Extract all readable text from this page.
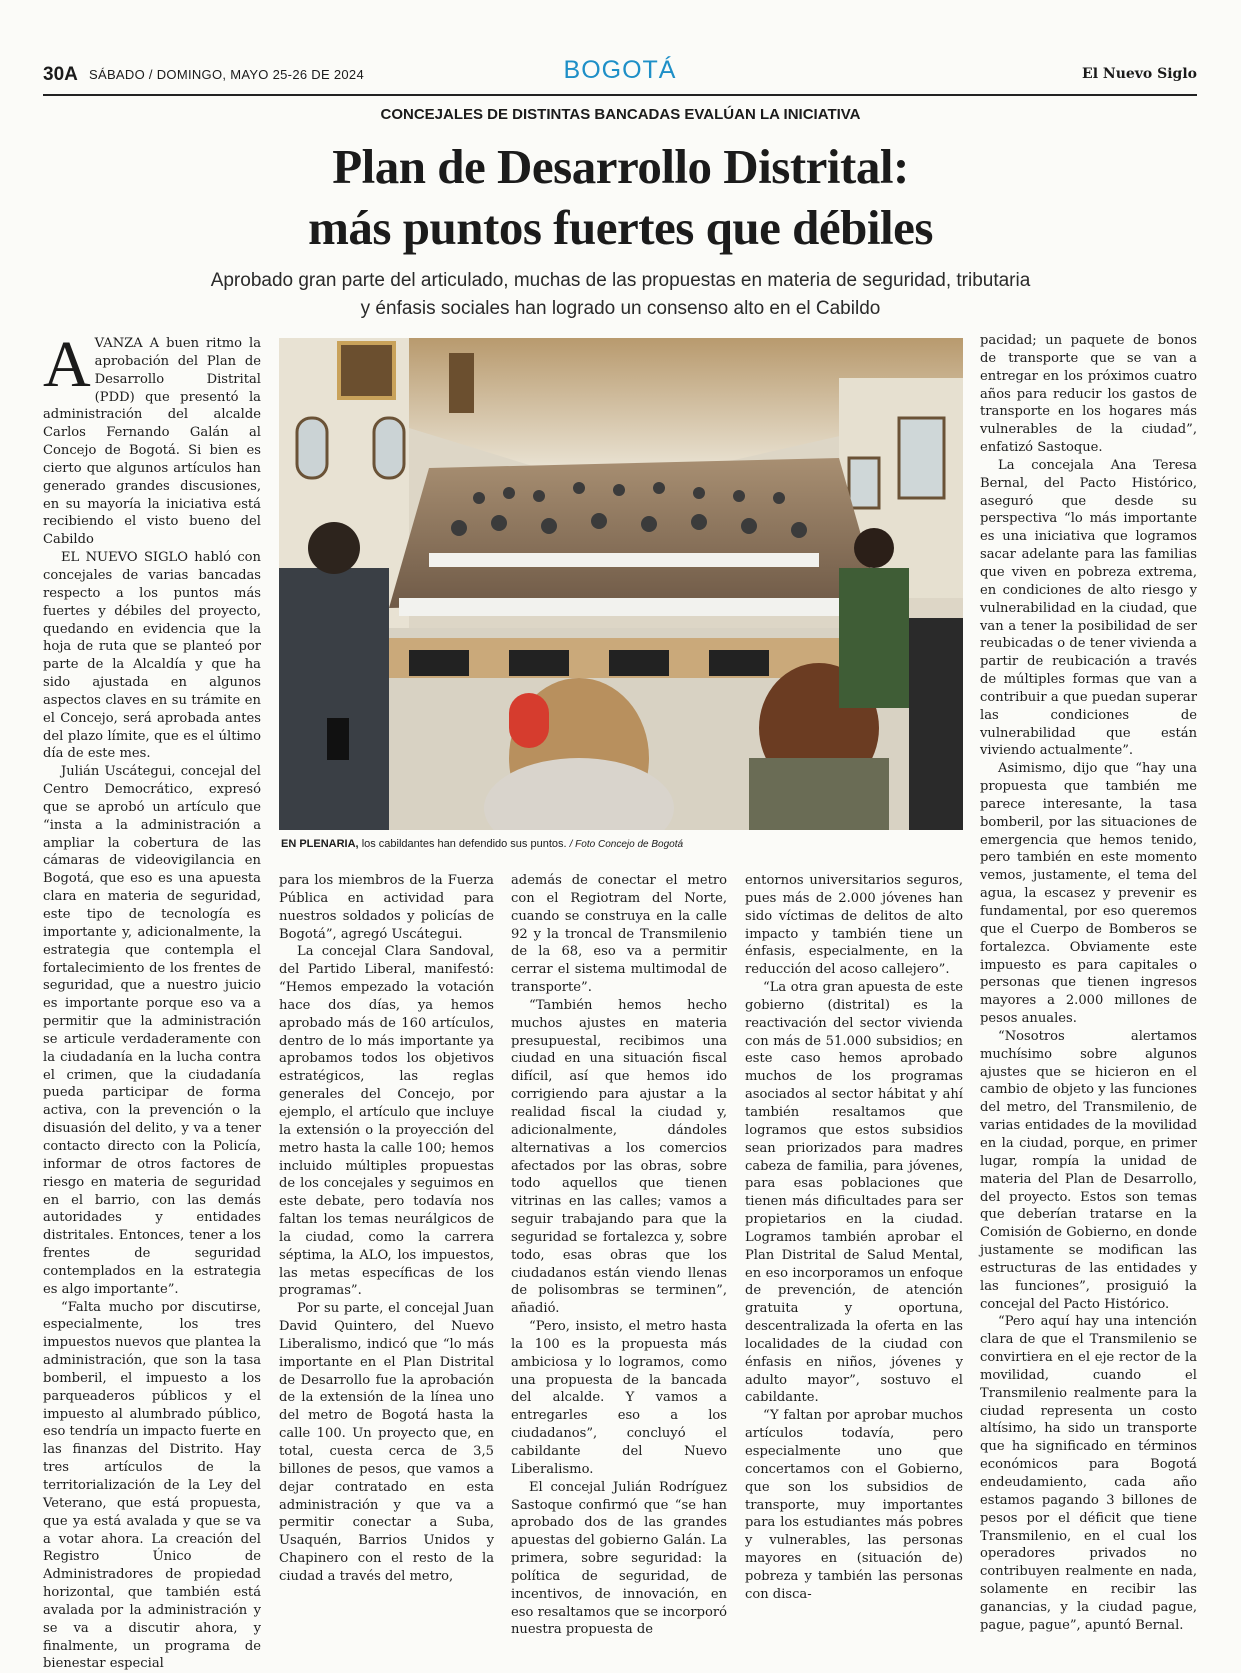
30A SÁBADO / DOMINGO, MAYO 25-26 DE 2024	BOGOTÁ	El Nuevo Siglo
CONCEJALES DE DISTINTAS BANCADAS EVALÚAN LA INICIATIVA
Plan de Desarrollo Distrital:
más puntos fuertes que débiles
Aprobado gran parte del articulado, muchas de las propuestas en materia de seguridad, tributaria
y énfasis sociales han logrado un consenso alto en el Cabildo

AVANZA A buen ritmo la aprobación del Plan de Desarrollo Distrital (PDD) que presentó la administración del alcalde Carlos Fernando Galán al Concejo de Bogotá. Si bien es cierto que algunos artículos han generado grandes discusiones, en su mayoría la iniciativa está recibiendo el visto bueno del Cabildo

EL NUEVO SIGLO habló con concejales de varias bancadas respecto a los puntos más fuertes y débiles del proyecto, quedando en evidencia que la hoja de ruta que se planteó por parte de la Alcaldía y que ha sido ajustada en algunos aspectos claves en su trámite en el Concejo, será aprobada antes del plazo límite, que es el último día de este mes.

Julián Uscátegui, concejal del Centro Democrático, expresó que se aprobó un artículo que “insta a la administración a ampliar la cobertura de las cámaras de videovigilancia en Bogotá, que eso es una apuesta clara en materia de seguridad, este tipo de tecnología es importante y, adicionalmente, la estrategia que contempla el fortalecimiento de los frentes de seguridad, que a nuestro juicio es importante porque eso va a permitir que la administración se articule verdaderamente con la ciudadanía en la lucha contra el crimen, que la ciudadanía pueda participar de forma activa, con la prevención o la disuasión del delito, y va a tener contacto directo con la Policía, informar de otros factores de riesgo en materia de seguridad en el barrio, con las demás autoridades y entidades distritales. Entonces, tener a los frentes de seguridad contemplados en la estrategia es algo importante”.

“Falta mucho por discutirse, especialmente, los tres impuestos nuevos que plantea la administración, que son la tasa bomberil, el impuesto a los parqueaderos públicos y el impuesto al alumbrado público, eso tendría un impacto fuerte en las finanzas del Distrito. Hay tres artículos de la territorialización de la Ley del Veterano, que está propuesta, que ya está avalada y que se va a votar ahora. La creación del Registro Único de Administradores de propiedad horizontal, que también está avalada por la administración y se va a discutir ahora, y finalmente, un programa de bienestar especial

EN PLENARIA, los cabildantes han defendido sus puntos. / Foto Concejo de Bogotá

para los miembros de la Fuerza Pública en actividad para nuestros soldados y policías de Bogotá”, agregó Uscátegui.

La concejal Clara Sandoval, del Partido Liberal, manifestó: “Hemos empezado la votación hace dos días, ya hemos aprobado más de 160 artículos, dentro de lo más importante ya aprobamos todos los objetivos estratégicos, las reglas generales del Concejo, por ejemplo, el artículo que incluye la extensión o la proyección del metro hasta la calle 100; hemos incluido múltiples propuestas de los concejales y seguimos en este debate, pero todavía nos faltan los temas neurálgicos de la ciudad, como la carrera séptima, la ALO, los impuestos, las metas específicas de los programas”.

Por su parte, el concejal Juan David Quintero, del Nuevo Liberalismo, indicó que “lo más importante en el Plan Distrital de Desarrollo fue la aprobación de la extensión de la línea uno del metro de Bogotá hasta la calle 100. Un proyecto que, en total, cuesta cerca de 3,5 billones de pesos, que vamos a dejar contratado en esta administración y que va a permitir conectar a Suba, Usaquén, Barrios Unidos y Chapinero con el resto de la ciudad a través del metro,

además de conectar el metro con el Regiotram del Norte, cuando se construya en la calle 92 y la troncal de Transmilenio de la 68, eso va a permitir cerrar el sistema multimodal de transporte”.

“También hemos hecho muchos ajustes en materia presupuestal, recibimos una ciudad en una situación fiscal difícil, así que hemos ido corrigiendo para ajustar a la realidad fiscal la ciudad y, adicionalmente, dándoles alternativas a los comercios afectados por las obras, sobre todo aquellos que tienen vitrinas en las calles; vamos a seguir trabajando para que la seguridad se fortalezca y, sobre todo, esas obras que los ciudadanos están viendo llenas de polisombras se terminen”, añadió.

“Pero, insisto, el metro hasta la 100 es la propuesta más ambiciosa y lo logramos, como una propuesta de la bancada del alcalde. Y vamos a entregarles eso a los ciudadanos”, concluyó el cabildante del Nuevo Liberalismo.

El concejal Julián Rodríguez Sastoque confirmó que “se han aprobado dos de las grandes apuestas del gobierno Galán. La primera, sobre seguridad: la política de seguridad, de incentivos, de innovación, en eso resaltamos que se incorporó nuestra propuesta de

entornos universitarios seguros, pues más de 2.000 jóvenes han sido víctimas de delitos de alto impacto y también tiene un énfasis, especialmente, en la reducción del acoso callejero”.

“La otra gran apuesta de este gobierno (distrital) es la reactivación del sector vivienda con más de 51.000 subsidios; en este caso hemos aprobado muchos de los programas asociados al sector hábitat y ahí también resaltamos que logramos que estos subsidios sean priorizados para madres cabeza de familia, para jóvenes, para esas poblaciones que tienen más dificultades para ser propietarios en la ciudad. Logramos también aprobar el Plan Distrital de Salud Mental, en eso incorporamos un enfoque de prevención, de atención gratuita y oportuna, descentralizada la oferta en las localidades de la ciudad con énfasis en niños, jóvenes y adulto mayor”, sostuvo el cabildante.

“Y faltan por aprobar muchos artículos todavía, pero especialmente uno que concertamos con el Gobierno, que son los subsidios de transporte, muy importantes para los estudiantes más pobres y vulnerables, las personas mayores en (situación de) pobreza y también las personas con disca-

pacidad; un paquete de bonos de transporte que se van a entregar en los próximos cuatro años para reducir los gastos de transporte en los hogares más vulnerables de la ciudad”, enfatizó Sastoque.

La concejala Ana Teresa Bernal, del Pacto Histórico, aseguró que desde su perspectiva “lo más importante es una iniciativa que logramos sacar adelante para las familias que viven en pobreza extrema, en condiciones de alto riesgo y vulnerabilidad en la ciudad, que van a tener la posibilidad de ser reubicadas o de tener vivienda a partir de reubicación a través de múltiples formas que van a contribuir a que puedan superar las condiciones de vulnerabilidad que están viviendo actualmente”.

Asimismo, dijo que “hay una propuesta que también me parece interesante, la tasa bomberil, por las situaciones de emergencia que hemos tenido, pero también en este momento vemos, justamente, el tema del agua, la escasez y prevenir es fundamental, por eso queremos que el Cuerpo de Bomberos se fortalezca. Obviamente este impuesto es para capitales o personas que tienen ingresos mayores a 2.000 millones de pesos anuales.

“Nosotros alertamos muchísimo sobre algunos ajustes que se hicieron en el cambio de objeto y las funciones del metro, del Transmilenio, de varias entidades de la movilidad en la ciudad, porque, en primer lugar, rompía la unidad de materia del Plan de Desarrollo, del proyecto. Estos son temas que deberían tratarse en la Comisión de Gobierno, en donde justamente se modifican las estructuras de las entidades y las funciones”, prosiguió la concejal del Pacto Histórico.

“Pero aquí hay una intención clara de que el Transmilenio se convirtiera en el eje rector de la movilidad, cuando el Transmilenio realmente para la ciudad representa un costo altísimo, ha sido un transporte que ha significado en términos económicos para Bogotá endeudamiento, cada año estamos pagando 3 billones de pesos por el déficit que tiene Transmilenio, en el cual los operadores privados no contribuyen realmente en nada, solamente en recibir las ganancias, y la ciudad pague, pague, pague”, apuntó Bernal.
